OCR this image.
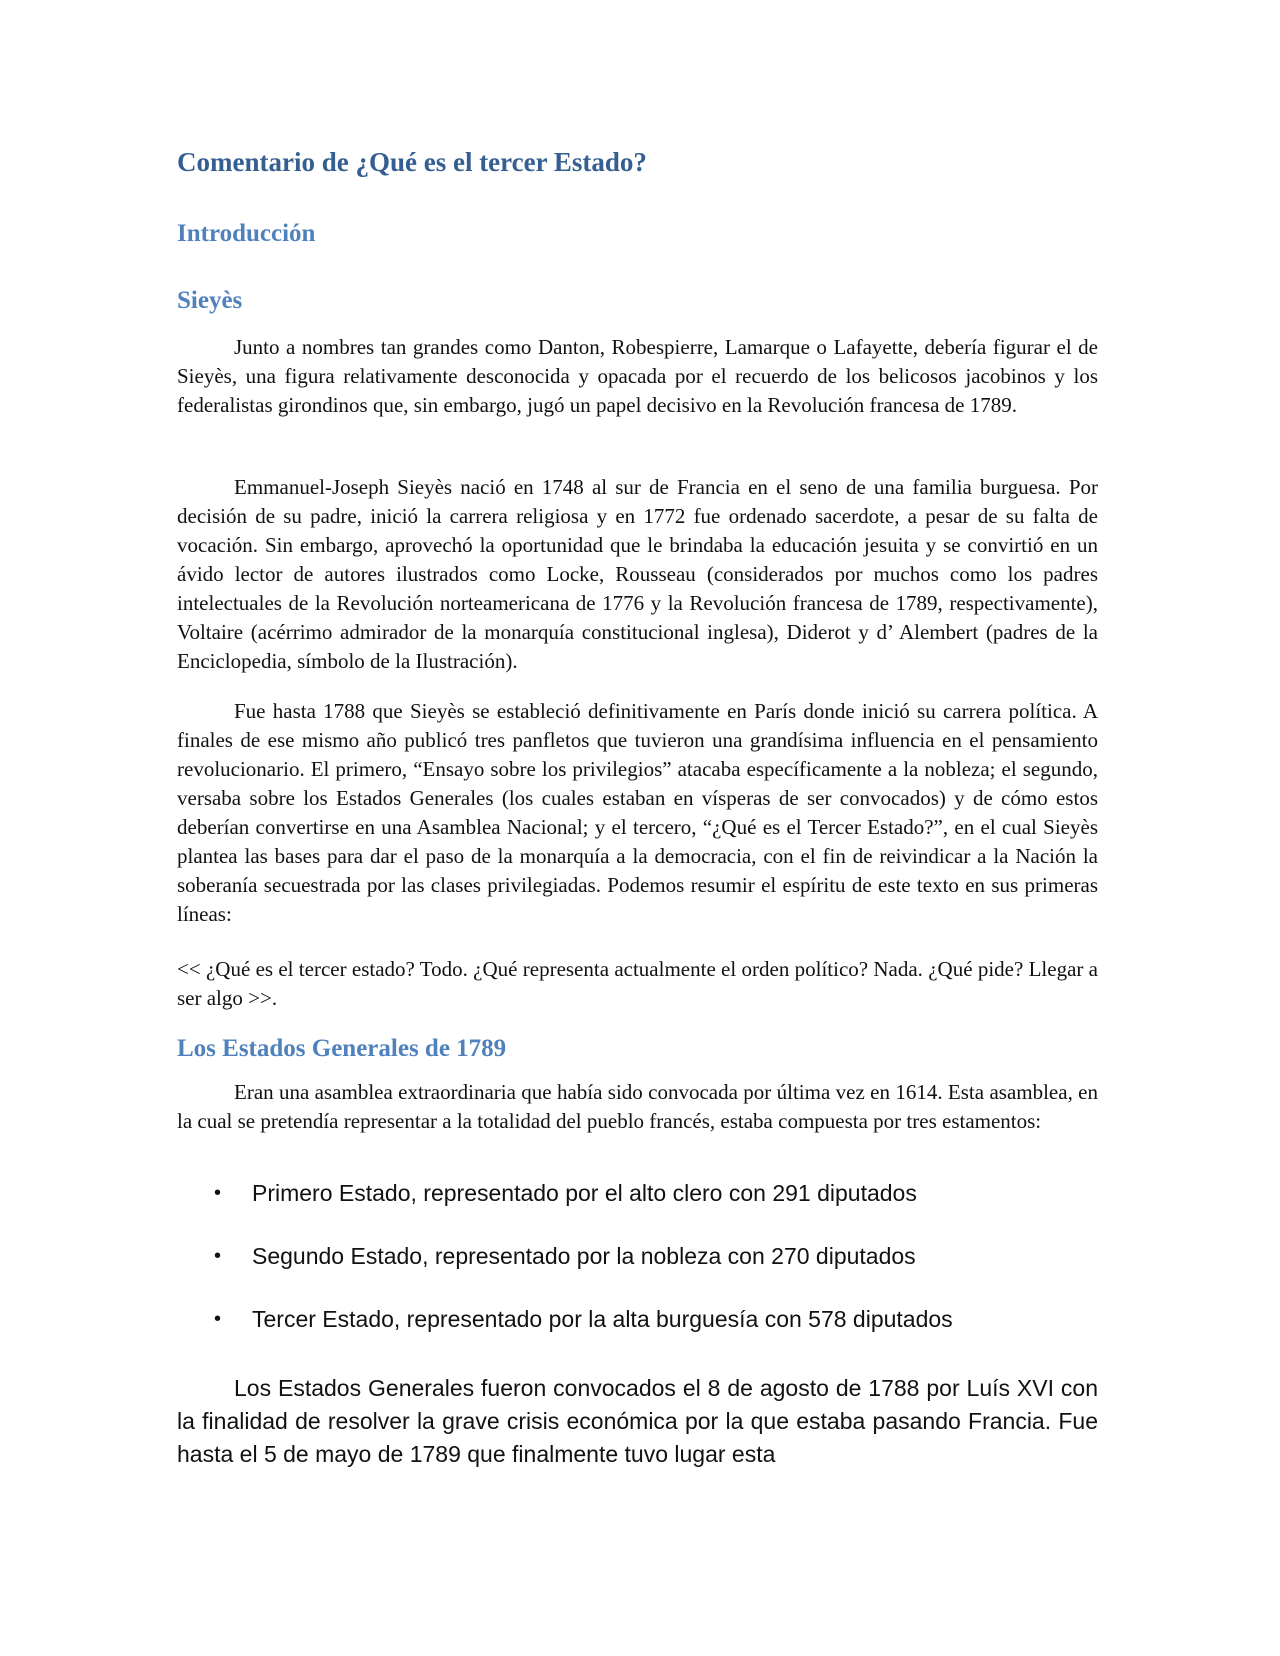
Comentario de ¿Qué es el tercer Estado?
Introducción
Sieyès

Junto a nombres tan grandes como Danton, Robespierre, Lamarque o Lafayette, debería figurar el de Sieyès, una figura relativamente desconocida y opacada por el recuerdo de los belicosos jacobinos y los federalistas girondinos que, sin embargo, jugó un papel decisivo en la Revolución francesa de 1789.

Emmanuel-Joseph Sieyès nació en 1748 al sur de Francia en el seno de una familia burguesa. Por decisión de su padre, inició la carrera religiosa y en 1772 fue ordenado sacerdote, a pesar de su falta de vocación. Sin embargo, aprovechó la oportunidad que le brindaba la educación jesuita y se convirtió en un ávido lector de autores ilustrados como Locke, Rousseau (considerados por muchos como los padres intelectuales de la Revolución norteamericana de 1776 y la Revolución francesa de 1789, respectivamente), Voltaire (acérrimo admirador de la monarquía constitucional inglesa), Diderot y d’ Alembert (padres de la Enciclopedia, símbolo de la Ilustración).

Fue hasta 1788 que Sieyès se estableció definitivamente en París donde inició su carrera política. A finales de ese mismo año publicó tres panfletos que tuvieron una grandísima influencia en el pensamiento revolucionario. El primero, “Ensayo sobre los privilegios” atacaba específicamente a la nobleza; el segundo, versaba sobre los Estados Generales (los cuales estaban en vísperas de ser convocados) y de cómo estos deberían convertirse en una Asamblea Nacional; y el tercero, “¿Qué es el Tercer Estado?”, en el cual Sieyès plantea las bases para dar el paso de la monarquía a la democracia, con el fin de reivindicar a la Nación la soberanía secuestrada por las clases privilegiadas. Podemos resumir el espíritu de este texto en sus primeras líneas:

<< ¿Qué es el tercer estado? Todo. ¿Qué representa actualmente el orden político? Nada. ¿Qué pide? Llegar a ser algo >>.

Los Estados Generales de 1789

Eran una asamblea extraordinaria que había sido convocada por última vez en 1614. Esta asamblea, en la cual se pretendía representar a la totalidad del pueblo francés, estaba compuesta por tres estamentos:

• Primero Estado, representado por el alto clero con 291 diputados
• Segundo Estado, representado por la nobleza con 270 diputados
• Tercer Estado, representado por la alta burguesía con 578 diputados

Los Estados Generales fueron convocados el 8 de agosto de 1788 por Luís XVI con la finalidad de resolver la grave crisis económica por la que estaba pasando Francia. Fue hasta el 5 de mayo de 1789 que finalmente tuvo lugar esta
